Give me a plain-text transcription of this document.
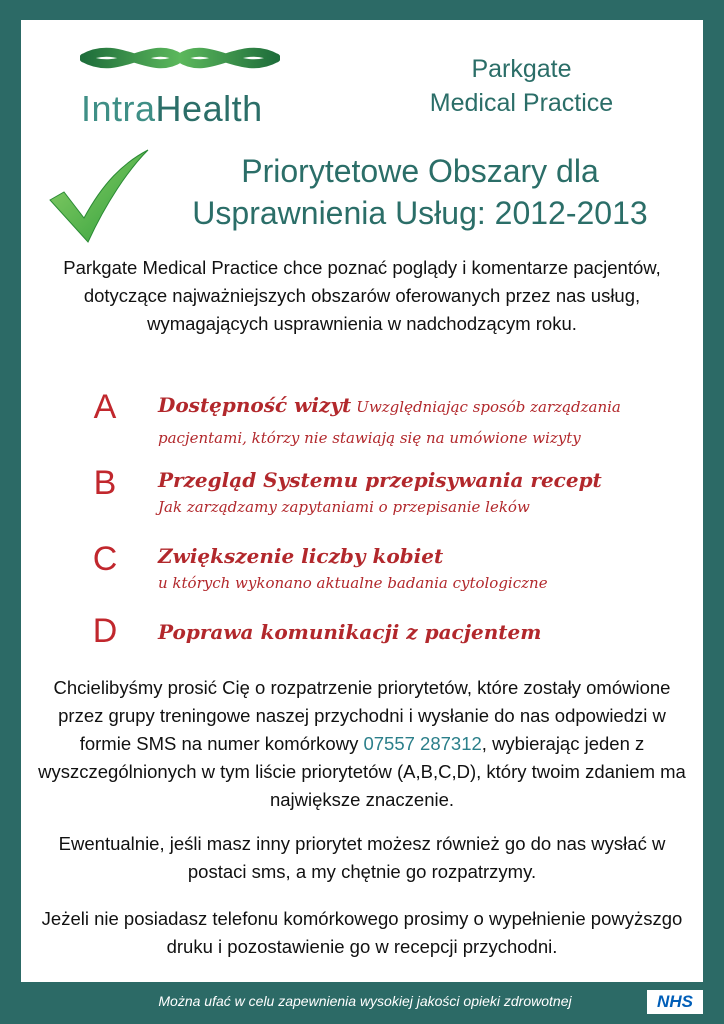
IntraHealth
Parkgate
Medical Practice
Priorytetowe Obszary dla
Usprawnienia Usług: 2012-2013
Parkgate Medical Practice chce poznać poglądy i komentarze pacjentów, dotyczące najważniejszych obszarów oferowanych przez nas usług, wymagających usprawnienia w nadchodzącym roku.
A	Dostępność wizyt Uwzględniając sposób zarządzania
pacjentami, którzy nie stawiają się na umówione wizyty
B	Przegląd Systemu przepisywania recept
Jak zarządzamy zapytaniami o przepisanie leków
C	Zwiększenie liczby kobiet
u których wykonano aktualne badania cytologiczne
D	Poprawa komunikacji z pacjentem
Chcielibyśmy prosić Cię o rozpatrzenie priorytetów, które zostały omówione przez grupy treningowe naszej przychodni i wysłanie do nas odpowiedzi w formie SMS na numer komórkowy 07557 287312, wybierając jeden z wyszczególnionych w tym liście priorytetów (A,B,C,D), który twoim zdaniem ma największe znaczenie.
Ewentualnie, jeśli masz inny priorytet możesz również go do nas wysłać w postaci sms, a my chętnie go rozpatrzymy.
Jeżeli nie posiadasz telefonu komórkowego prosimy o wypełnienie powyższgo druku i pozostawienie go w recepcji przychodni.
Można ufać w celu zapewnienia wysokiej jakości opieki zdrowotnej	NHS
